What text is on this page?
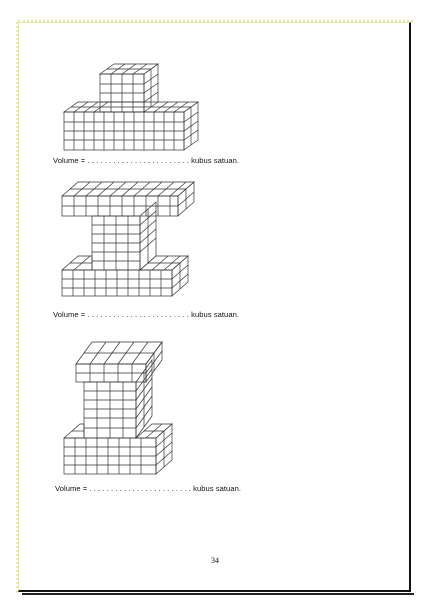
Volume = . . . . . . . . . . . . . . . . . . . . . . . . kubus satuan.
Volume = . . . . . . . . . . . . . . . . . . . . . . . . kubus satuan.
Volume = . . . . . . . . . . . . . . . . . . . . . . . . kubus satuan.
34
